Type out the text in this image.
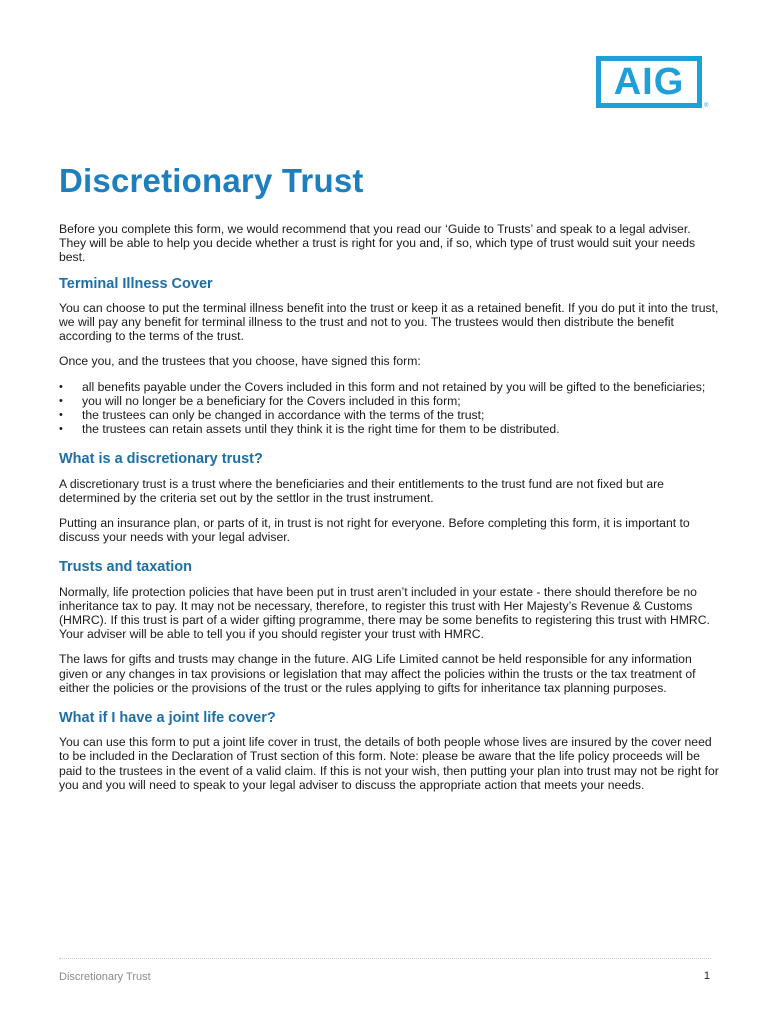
AIG
®
Discretionary Trust

Before you complete this form, we would recommend that you read our ‘Guide to Trusts’ and speak to a legal adviser. They will be able to help you decide whether a trust is right for you and, if so, which type of trust would suit your needs best.

Terminal Illness Cover

You can choose to put the terminal illness benefit into the trust or keep it as a retained benefit. If you do put it into the trust, we will pay any benefit for terminal illness to the trust and not to you. The trustees would then distribute the benefit according to the terms of the trust.

Once you, and the trustees that you choose, have signed this form:

• all benefits payable under the Covers included in this form and not retained by you will be gifted to the beneficiaries;
• you will no longer be a beneficiary for the Covers included in this form;
• the trustees can only be changed in accordance with the terms of the trust;
• the trustees can retain assets until they think it is the right time for them to be distributed.
What is a discretionary trust?

A discretionary trust is a trust where the beneficiaries and their entitlements to the trust fund are not fixed but are determined by the criteria set out by the settlor in the trust instrument.

Putting an insurance plan, or parts of it, in trust is not right for everyone. Before completing this form, it is important to discuss your needs with your legal adviser.

Trusts and taxation

Normally, life protection policies that have been put in trust aren’t included in your estate - there should therefore be no inheritance tax to pay. It may not be necessary, therefore, to register this trust with Her Majesty’s Revenue & Customs (HMRC). If this trust is part of a wider gifting programme, there may be some benefits to registering this trust with HMRC. Your adviser will be able to tell you if you should register your trust with HMRC.

The laws for gifts and trusts may change in the future. AIG Life Limited cannot be held responsible for any information given or any changes in tax provisions or legislation that may affect the policies within the trusts or the tax treatment of either the policies or the provisions of the trust or the rules applying to gifts for inheritance tax planning purposes.

What if I have a joint life cover?

You can use this form to put a joint life cover in trust, the details of both people whose lives are insured by the cover need to be included in the Declaration of Trust section of this form. Note: please be aware that the life policy proceeds will be paid to the trustees in the event of a valid claim. If this is not your wish, then putting your plan into trust may not be right for you and you will need to speak to your legal adviser to discuss the appropriate action that meets your needs.

Discretionary Trust	1
